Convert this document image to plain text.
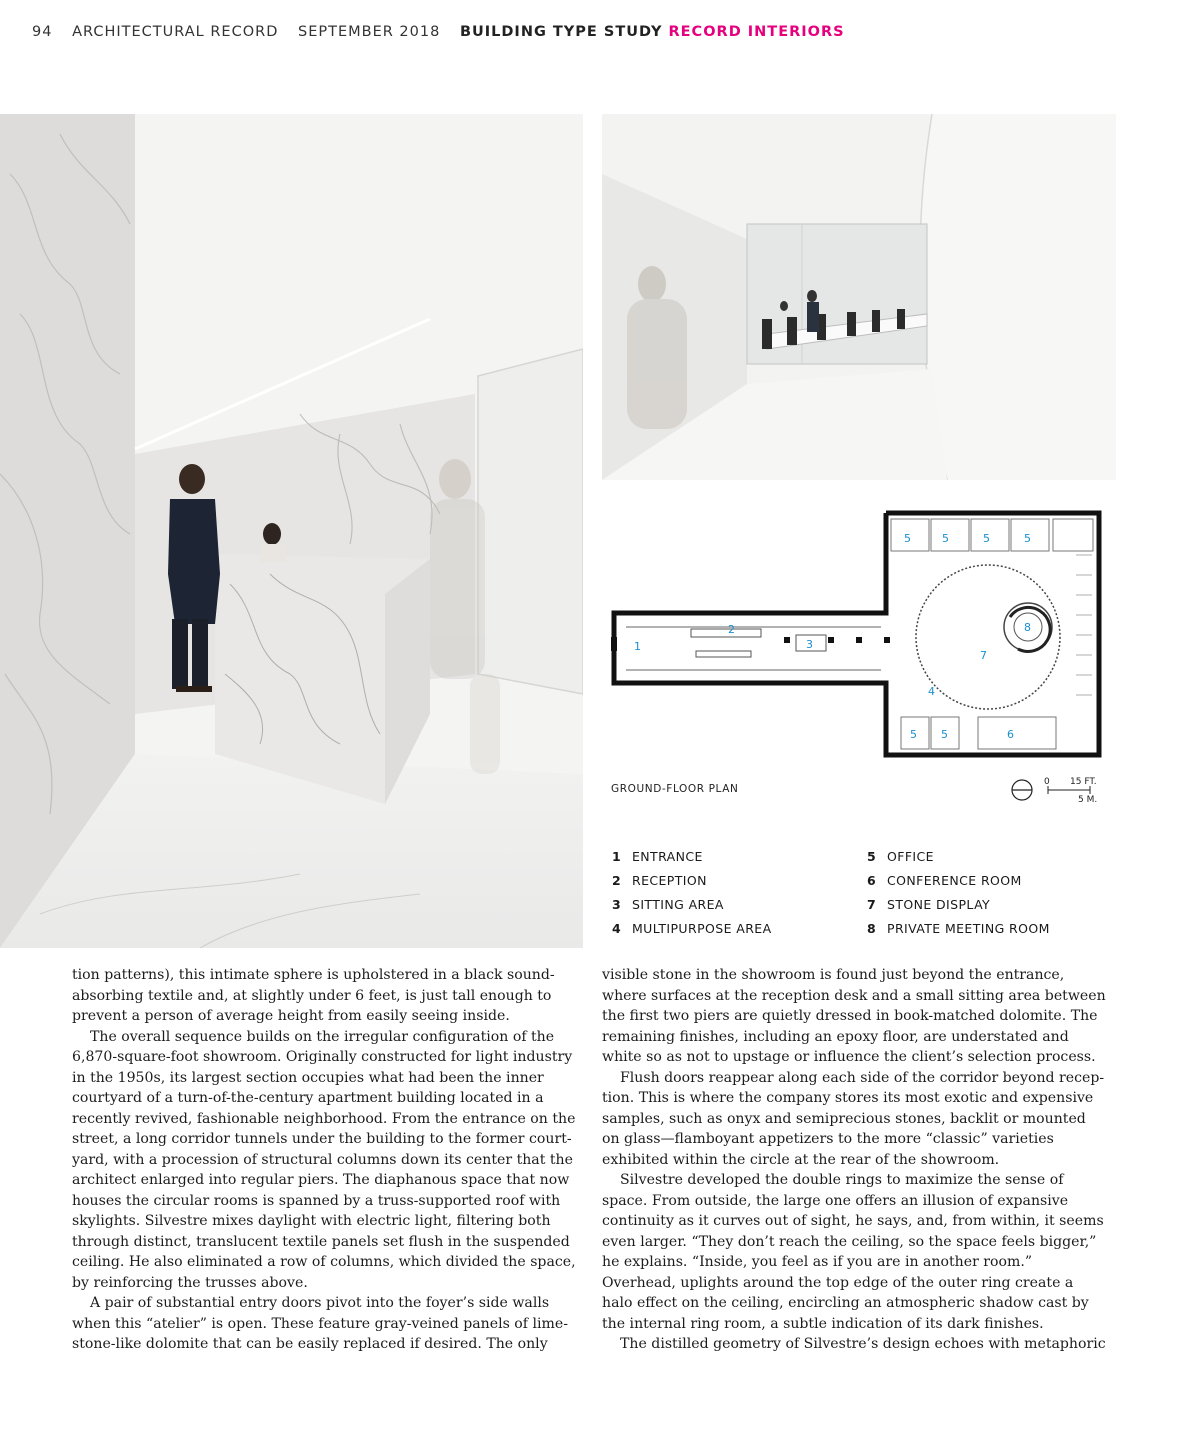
94 ARCHITECTURAL RECORD SEPTEMBER 2018 BUILDING TYPE STUDY RECORD INTERIORS
1
2
3
4
5	5	5	5
5 5	6
7
8
GROUND-FLOOR PLAN
0 15 FT.
5 M.
1 ENTRANCE
2 RECEPTION
3 SITTING AREA
4 MULTIPURPOSE AREA
5 OFFICE
6 CONFERENCE ROOM
7 STONE DISPLAY
8 PRIVATE MEETING ROOM

tion patterns), this intimate sphere is upholstered in a black sound-absorbing textile and, at slightly under 6 feet, is just tall enough to prevent a person of average height from easily seeing inside.

The overall sequence builds on the irregular configuration of the 6,870-square-foot showroom. Originally constructed for light industry in the 1950s, its largest section occupies what had been the inner courtyard of a turn-of-the-century apartment building located in a recently revived, fashionable neighborhood. From the entrance on the street, a long corridor tunnels under the building to the former court-yard, with a procession of structural columns down its center that the architect enlarged into regular piers. The diaphanous space that now houses the circular rooms is spanned by a truss-supported roof with skylights. Silvestre mixes daylight with electric light, filtering both through distinct, translucent textile panels set flush in the suspended ceiling. He also eliminated a row of columns, which divided the space, by reinforcing the trusses above.

A pair of substantial entry doors pivot into the foyer’s side walls when this “atelier” is open. These feature gray-veined panels of lime-stone-like dolomite that can be easily replaced if desired. The only

visible stone in the showroom is found just beyond the entrance, where surfaces at the reception desk and a small sitting area between the first two piers are quietly dressed in book-matched dolomite. The remaining finishes, including an epoxy floor, are understated and white so as not to upstage or influence the client’s selection process.

Flush doors reappear along each side of the corridor beyond recep-tion. This is where the company stores its most exotic and expensive samples, such as onyx and semiprecious stones, backlit or mounted on glass—flamboyant appetizers to the more “classic” varieties exhibited within the circle at the rear of the showroom.

Silvestre developed the double rings to maximize the sense of space. From outside, the large one offers an illusion of expansive continuity as it curves out of sight, he says, and, from within, it seems even larger. “They don’t reach the ceiling, so the space feels bigger,” he explains. “Inside, you feel as if you are in another room.” Overhead, uplights around the top edge of the outer ring create a halo effect on the ceiling, encircling an atmospheric shadow cast by the internal ring room, a subtle indication of its dark finishes.

The distilled geometry of Silvestre’s design echoes with metaphoric
